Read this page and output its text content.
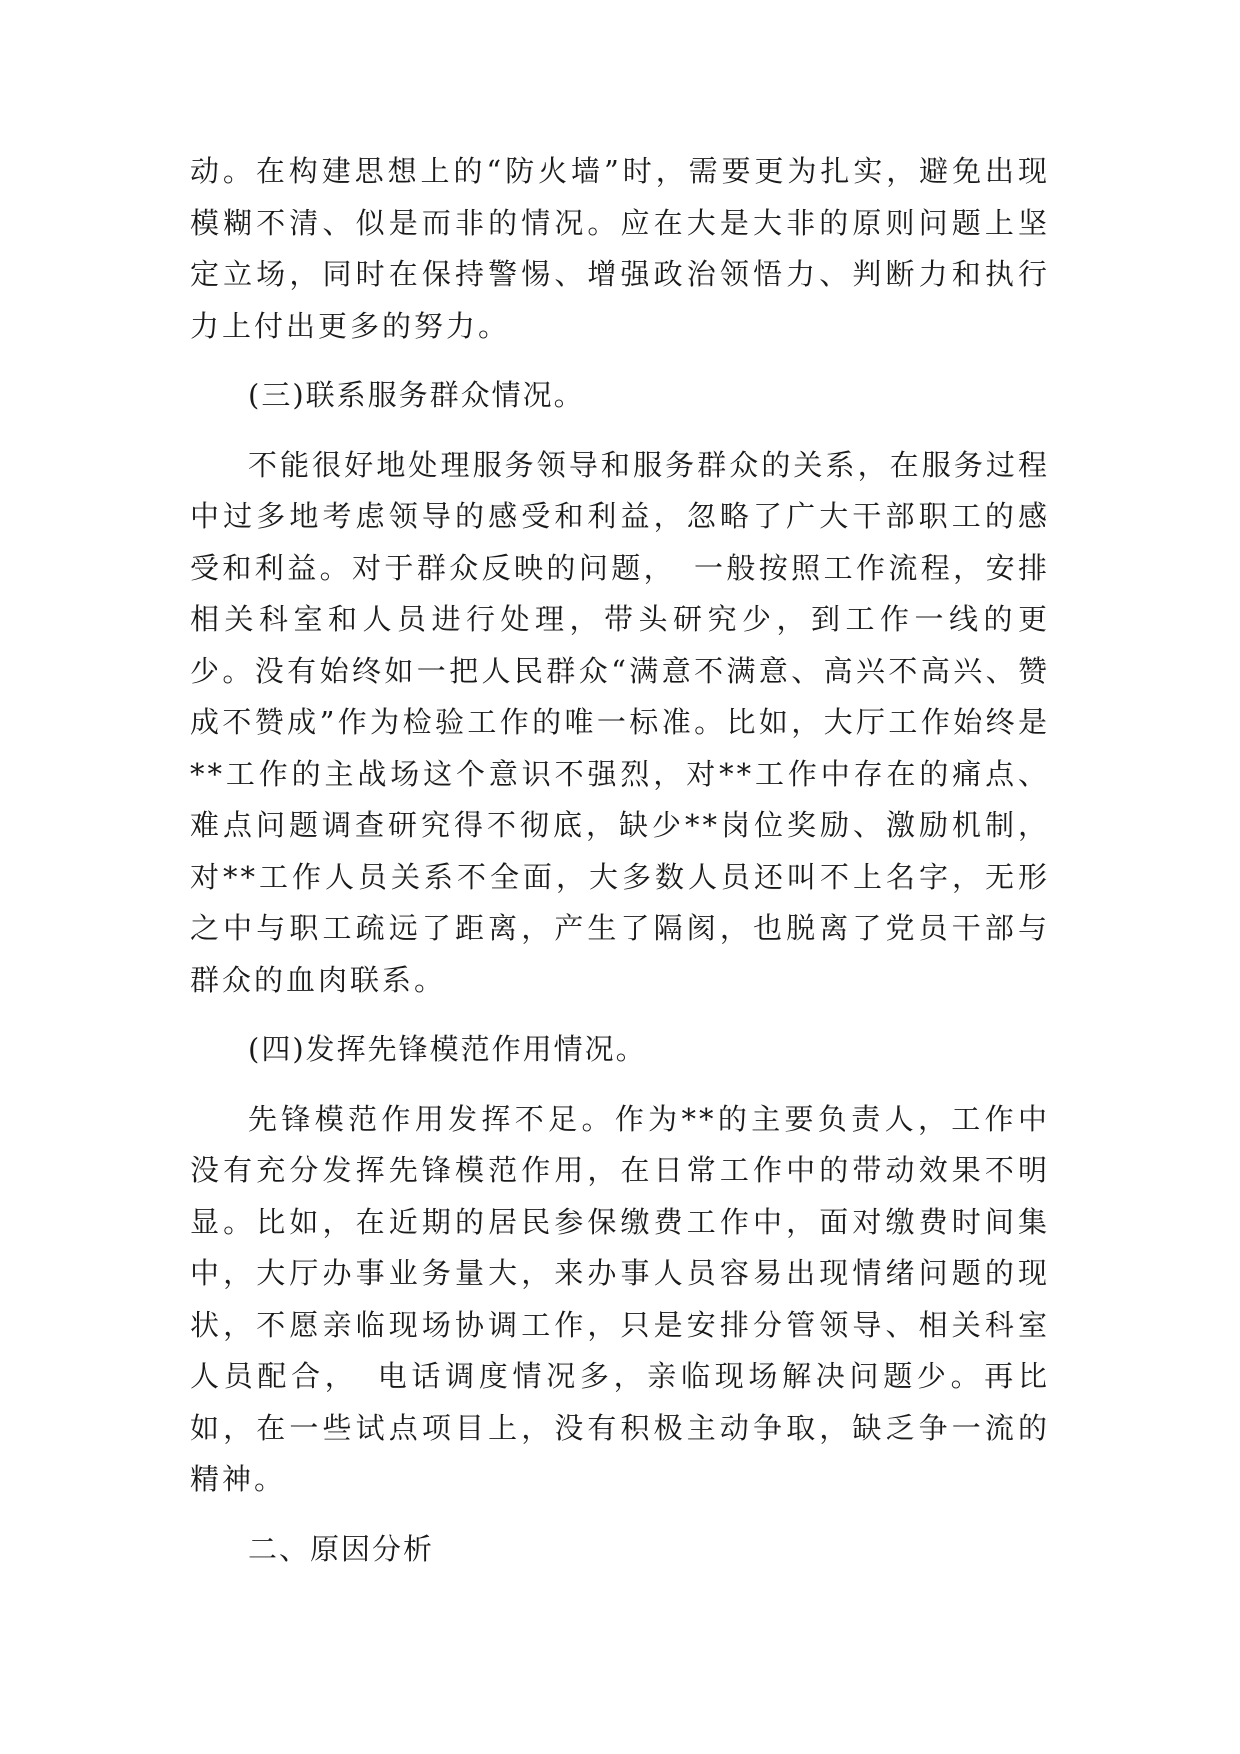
动。在构建思想上的“防火墙”时，需要更为扎实，避免出现模糊不清、似是而非的情况。应在大是大非的原则问题上坚定立场，同时在保持警惕、增强政治领悟力、判断力和执行力上付出更多的努力。

(三)联系服务群众情况。

不能很好地处理服务领导和服务群众的关系，在服务过程中过多地考虑领导的感受和利益，忽略了广大干部职工的感受和利益。对于群众反映的问题，　一般按照工作流程，安排相关科室和人员进行处理，带头研究少，到工作一线的更少。没有始终如一把人民群众“满意不满意、高兴不高兴、赞成不赞成”作为检验工作的唯一标准。比如，大厅工作始终是**工作的主战场这个意识不强烈，对**工作中存在的痛点、难点问题调查研究得不彻底，缺少**岗位奖励、激励机制，对**工作人员关系不全面，大多数人员还叫不上名字，无形之中与职工疏远了距离，产生了隔阂，也脱离了党员干部与群众的血肉联系。

(四)发挥先锋模范作用情况。

先锋模范作用发挥不足。作为**的主要负责人，工作中没有充分发挥先锋模范作用，在日常工作中的带动效果不明显。比如，在近期的居民参保缴费工作中，面对缴费时间集中，大厅办事业务量大，来办事人员容易出现情绪问题的现状，不愿亲临现场协调工作，只是安排分管领导、相关科室人员配合，　电话调度情况多，亲临现场解决问题少。再比如，在一些试点项目上，没有积极主动争取，缺乏争一流的精神。

二、原因分析
